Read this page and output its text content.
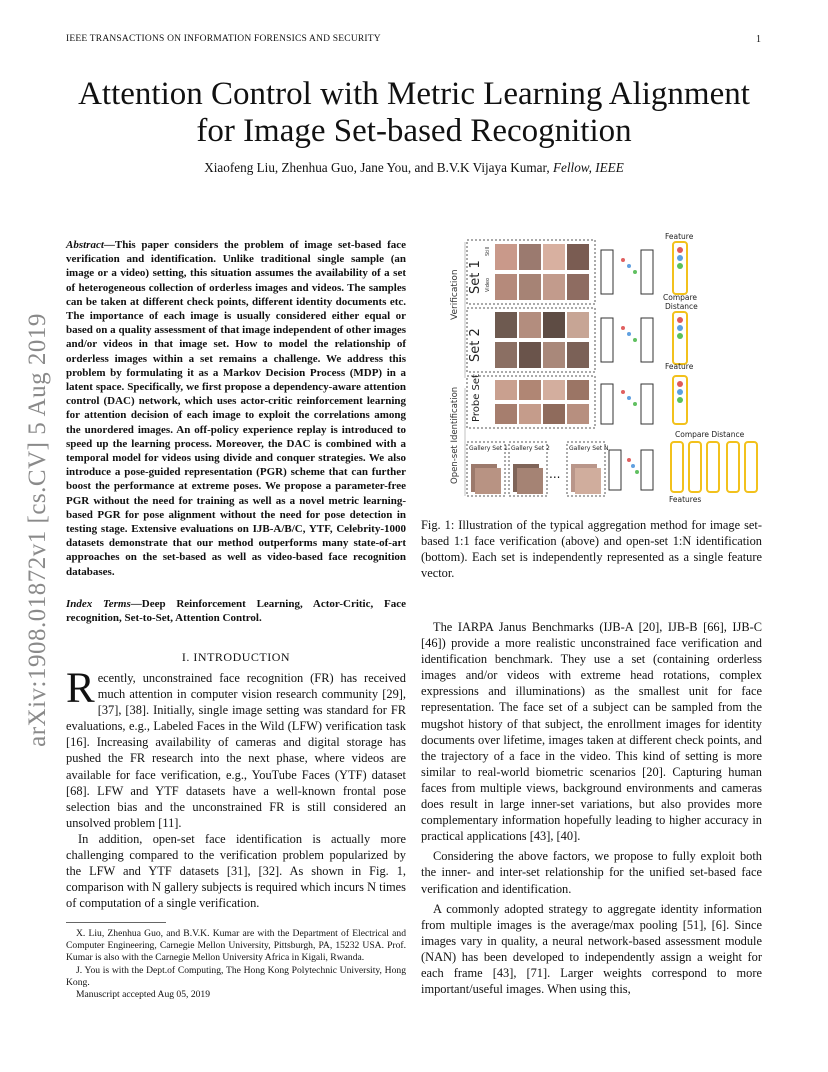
IEEE TRANSACTIONS ON INFORMATION FORENSICS AND SECURITY	1
arXiv:1908.01872v1 [cs.CV] 5 Aug 2019
Attention Control with Metric Learning Alignment
for Image Set-based Recognition
Xiaofeng Liu, Zhenhua Guo, Jane You, and B.V.K Vijaya Kumar, Fellow, IEEE
Abstract—This paper considers the problem of image set-based face verification and identification. Unlike traditional single sample (an image or a video) setting, this situation assumes the availability of a set of heterogeneous collection of orderless images and videos. The samples can be taken at different check points, different identity documents etc. The importance of each image is usually considered either equal or based on a quality assessment of that image independent of other images and/or videos in that image set. How to model the relationship of orderless images within a set remains a challenge. We address this problem by formulating it as a Markov Decision Process (MDP) in a latent space. Specifically, we first propose a dependency-aware attention control (DAC) network, which uses actor-critic reinforcement learning for attention decision of each image to exploit the correlations among the unordered images. An off-policy experience replay is introduced to speed up the learning process. Moreover, the DAC is combined with a temporal model for videos using divide and conquer strategies. We also introduce a pose-guided representation (PGR) scheme that can further boost the performance at extreme poses. We propose a parameter-free PGR without the need for training as well as a novel metric learning-based PGR for pose alignment without the need for pose detection in testing stage. Extensive evaluations on IJB-A/B/C, YTF, Celebrity-1000 datasets demonstrate that our method outperforms many state-of-art approaches on the set-based as well as video-based face recognition databases.
Index Terms—Deep Reinforcement Learning, Actor-Critic, Face recognition, Set-to-Set, Attention Control.
I. INTRODUCTION

Recently, unconstrained face recognition (FR) has received much attention in computer vision research community [29], [37], [38]. Initially, single image setting was standard for FR evaluations, e.g., Labeled Faces in the Wild (LFW) verification task [16]. Increasing availability of cameras and digital storage has pushed the FR research into the next phase, where videos are available for face verification, e.g., YouTube Faces (YTF) dataset [68]. LFW and YTF datasets have a well-known frontal pose selection bias and the unconstrained FR is still considered an unsolved problem [11].

In addition, open-set face identification is actually more challenging compared to the verification problem popularized by the LFW and YTF datasets [31], [32]. As shown in Fig. 1, comparison with N gallery subjects is required which incurs N times of computation of a single verification.

X. Liu, Zhenhua Guo, and B.V.K. Kumar are with the Department of Electrical and Computer Engineering, Carnegie Mellon University, Pittsburgh, PA, 15232 USA. Prof. Kumar is also with the Carnegie Mellon University Africa in Kigali, Rwanda.

J. You is with the Dept.of Computing, The Hong Kong Polytechnic University, Hong Kong.

Manuscript accepted Aug 05, 2019

Verification
Open-set Identification
Set 1 Video
Still
Set 2
Probe Set
Gallery Set 1 Gallery Set 2
...
Gallery Set N
Feature
Compare
Distance
Feature
Compare Distance
Features
Fig. 1: Illustration of the typical aggregation method for image set-based 1:1 face verification (above) and open-set 1:N identification (bottom). Each set is independently represented as a single feature vector.

The IARPA Janus Benchmarks (IJB-A [20], IJB-B [66], IJB-C [46]) provide a more realistic unconstrained face verification and identification benchmark. They use a set (containing orderless images and/or videos with extreme head rotations, complex expressions and illuminations) as the smallest unit for face representation. The face set of a subject can be sampled from the mugshot history of that subject, the enrollment images for identity documents over lifetime, images taken at different check points, and the trajectory of a face in the video. This kind of setting is more similar to real-world biometric scenarios [20]. Capturing human faces from multiple views, background environments and cameras does result in large inner-set variations, but also provides more complementary information hopefully leading to higher accuracy in practical applications [43], [40].

Considering the above factors, we propose to fully exploit both the inner- and inter-set relationship for the unified set-based face verification and identification.

A commonly adopted strategy to aggregate identity information from multiple images is the average/max pooling [51], [6]. Since images vary in quality, a neural network-based assessment module (NAN) has been developed to independently assign a weight for each frame [43], [71]. Larger weights correspond to more important/useful images. When using this,
